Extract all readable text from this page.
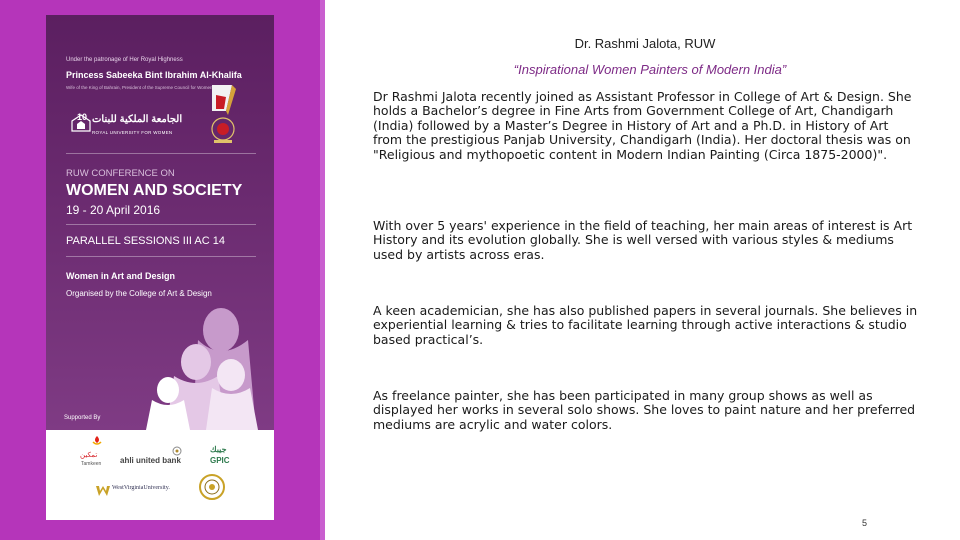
Under the patronage of Her Royal Highness
Princess Sabeeka Bint Ibrahim Al-Khalifa
Wife of the King of Bahrain, President of the Supreme Council for Women
10 الجامعة الملكية للبنات
ROYAL UNIVERSITY FOR WOMEN
RUW CONFERENCE ON
WOMEN AND SOCIETY
19 - 20 April 2016
PARALLEL SESSIONS III AC 14
Women in Art and Design
Organised by the College of Art & Design
Supported By
تمكين
Tamkeen ahli united bank
جيبك
GPIC
WestVirginiaUniversity.
Dr. Rashmi Jalota, RUW
“Inspirational Women Painters of Modern India”
Dr Rashmi Jalota recently joined as Assistant Professor in College of Art & Design. She holds a Bachelor’s degree in Fine Arts from Government College of Art, Chandigarh (India) followed by a Master’s Degree in History of Art and a Ph.D. in History of Art from the prestigious Panjab University, Chandigarh (India). Her doctoral thesis was on "Religious and mythopoetic content in Modern Indian Painting (Circa 1875-2000)".
With over 5 years' experience in the field of teaching, her main areas of interest is Art History and its evolution globally. She is well versed with various styles & mediums used by artists across eras.
A keen academician, she has also published papers in several journals. She believes in experiential learning & tries to facilitate learning through active interactions & studio based practical’s.
As freelance painter, she has been participated in many group shows as well as displayed her works in several solo shows. She loves to paint nature and her preferred mediums are acrylic and water colors.
5
